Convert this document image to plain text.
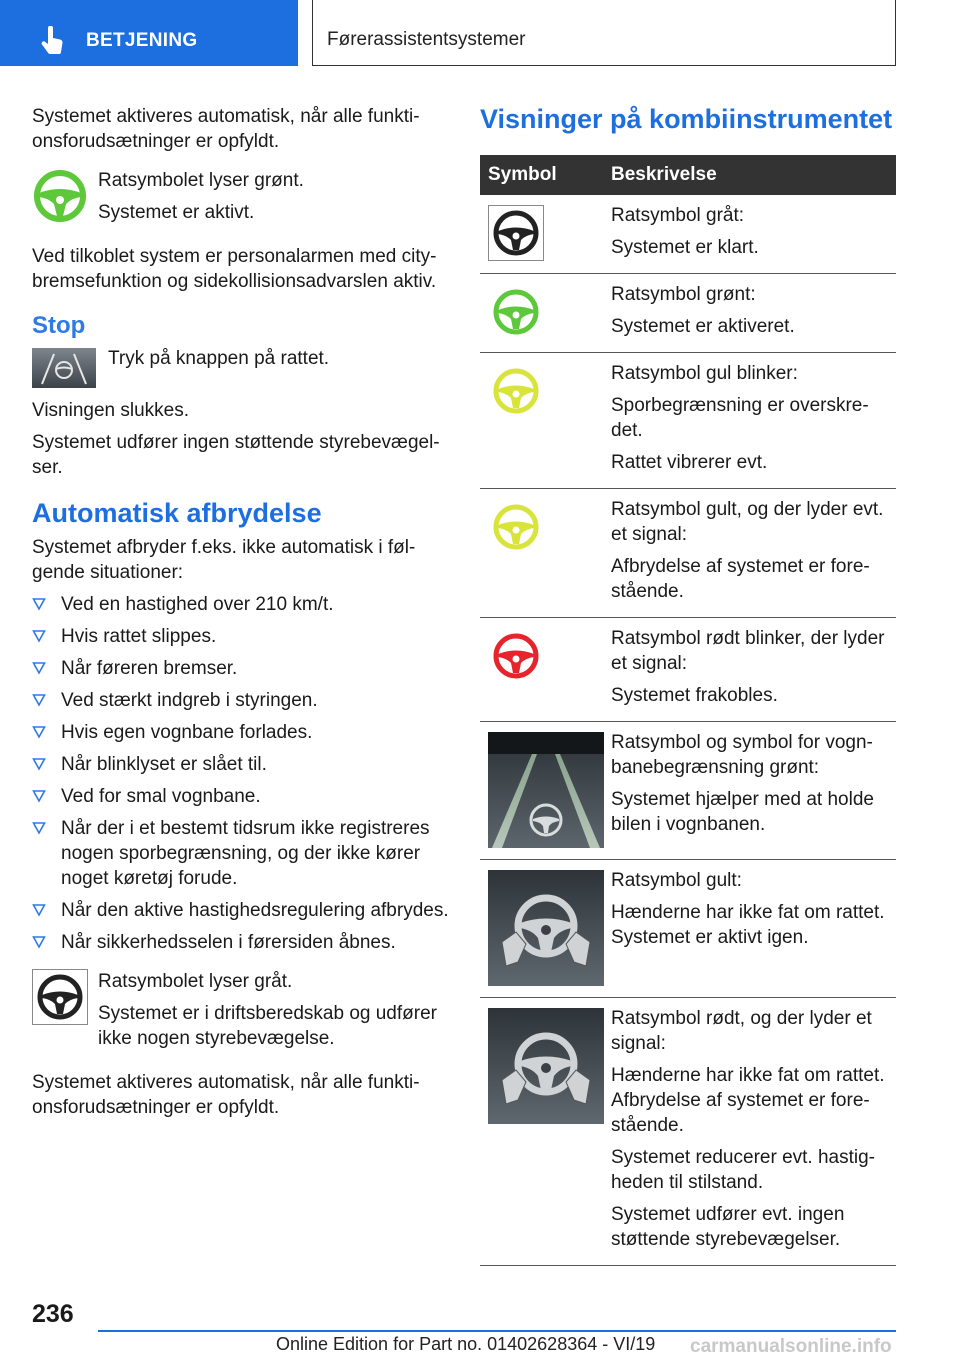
BETJENING	Førerassistentsystemer

Systemet aktiveres automatisk, når alle funkti-onsforudsætninger er opfyldt.

Ratsymbolet lyser grønt.

Systemet er aktivt.

Ved tilkoblet system er personalarmen med city-bremsefunktion og sidekollisionsadvarslen aktiv.

Stop

Tryk på knappen på rattet.

Visningen slukkes.

Systemet udfører ingen støttende styrebevægel-ser.

Automatisk afbrydelse

Systemet afbryder f.eks. ikke automatisk i føl-gende situationer:

Ved en hastighed over 210 km/t.
Hvis rattet slippes.
Når føreren bremser.
Ved stærkt indgreb i styringen.
Hvis egen vognbane forlades.
Når blinklyset er slået til.
Ved for smal vognbane.
Når der i et bestemt tidsrum ikke registreres nogen sporbegrænsning, og der ikke kører noget køretøj forude.
Når den aktive hastighedsregulering afbrydes.
Når sikkerhedsselen i førersiden åbnes.

Ratsymbolet lyser gråt.

Systemet er i driftsberedskab og udfører ikke nogen styrebevægelse.

Systemet aktiveres automatisk, når alle funkti-onsforudsætninger er opfyldt.

Visninger på kombiinstrumentet
Symbol	Beskrivelse

Ratsymbol gråt:

Systemet er klart.

Ratsymbol grønt:

Systemet er aktiveret.

Ratsymbol gul blinker:

Sporbegrænsning er overskre-det.

Rattet vibrerer evt.

Ratsymbol gult, og der lyder evt. et signal:

Afbrydelse af systemet er fore-stående.

Ratsymbol rødt blinker, der lyder et signal:

Systemet frakobles.

Ratsymbol og symbol for vogn-banebegrænsning grønt:

Systemet hjælper med at holde bilen i vognbanen.

Ratsymbol gult:

Hænderne har ikke fat om rattet. Systemet er aktivt igen.

Ratsymbol rødt, og der lyder et signal:

Hænderne har ikke fat om rattet. Afbrydelse af systemet er fore-stående.

Systemet reducerer evt. hastig-heden til stilstand.

Systemet udfører evt. ingen støttende styrebevægelser.

236
Online Edition for Part no. 01402628364 - VI/19 carmanualsonline.info
